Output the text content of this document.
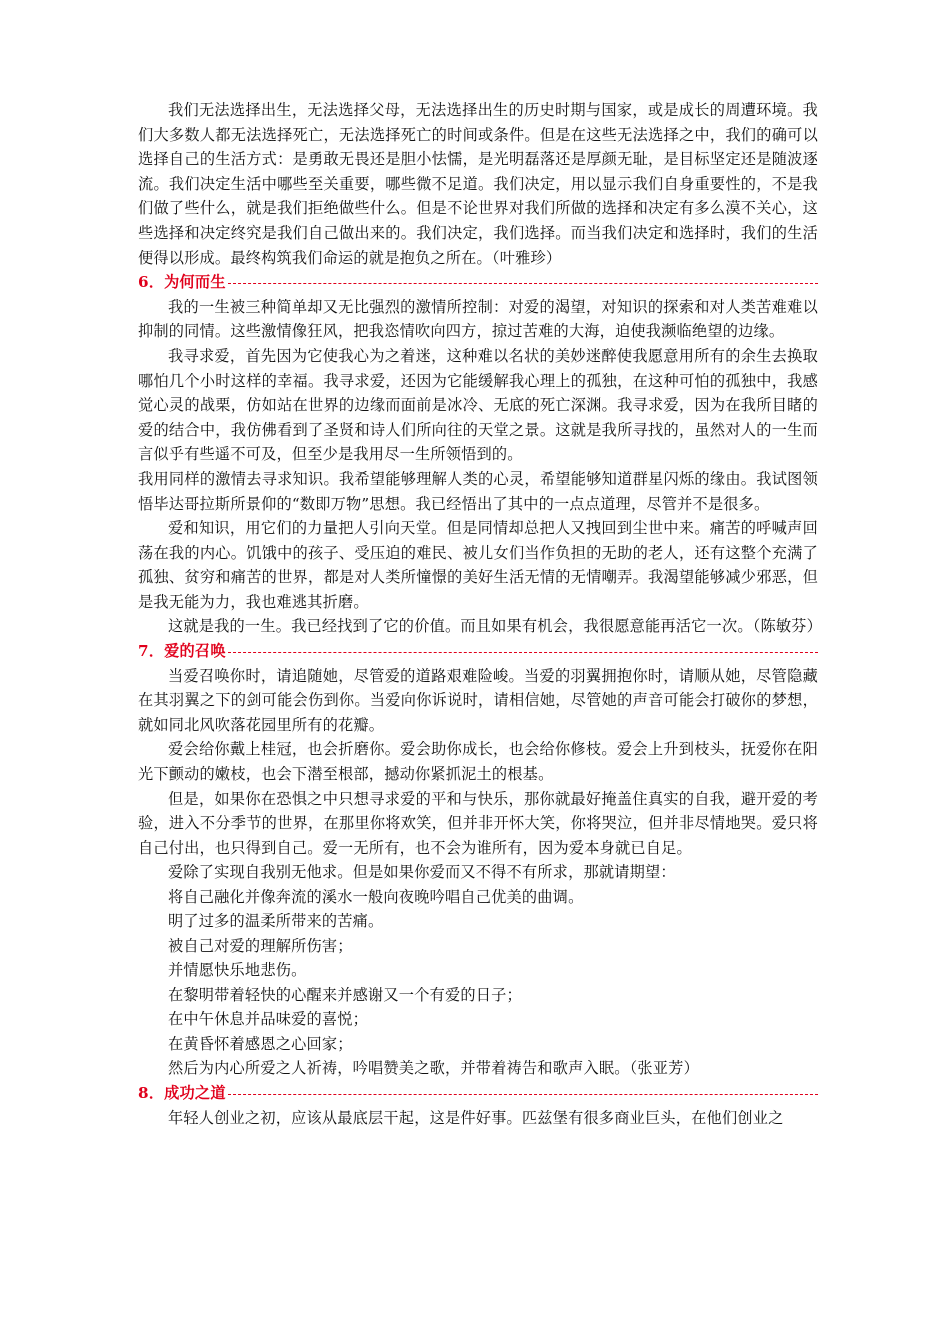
我们无法选择出生，无法选择父母，无法选择出生的历史时期与国家，或是成长的周遭环境。我们大多数人都无法选择死亡，无法选择死亡的时间或条件。但是在这些无法选择之中，我们的确可以选择自己的生活方式：是勇敢无畏还是胆小怯懦，是光明磊落还是厚颜无耻，是目标坚定还是随波逐流。我们决定生活中哪些至关重要，哪些微不足道。我们决定，用以显示我们自身重要性的，不是我们做了些什么，就是我们拒绝做些什么。但是不论世界对我们所做的选择和决定有多么漠不关心，这些选择和决定终究是我们自己做出来的。我们决定，我们选择。而当我们决定和选择时，我们的生活便得以形成。最终构筑我们命运的就是抱负之所在。（叶雅珍）

6．为何而生

我的一生被三种简单却又无比强烈的激情所控制：对爱的渴望，对知识的探索和对人类苦难难以抑制的同情。这些激情像狂风，把我恣情吹向四方，掠过苦难的大海，迫使我濒临绝望的边缘。

我寻求爱，首先因为它使我心为之着迷，这种难以名状的美妙迷醉使我愿意用所有的余生去换取哪怕几个小时这样的幸福。我寻求爱，还因为它能缓解我心理上的孤独，在这种可怕的孤独中，我感觉心灵的战栗，仿如站在世界的边缘而面前是冰冷、无底的死亡深渊。我寻求爱，因为在我所目睹的爱的结合中，我仿佛看到了圣贤和诗人们所向往的天堂之景。这就是我所寻找的，虽然对人的一生而言似乎有些遥不可及，但至少是我用尽一生所领悟到的。

我用同样的激情去寻求知识。我希望能够理解人类的心灵，希望能够知道群星闪烁的缘由。我试图领悟毕达哥拉斯所景仰的“数即万物”思想。我已经悟出了其中的一点点道理，尽管并不是很多。

爱和知识，用它们的力量把人引向天堂。但是同情却总把人又拽回到尘世中来。痛苦的呼喊声回荡在我的内心。饥饿中的孩子、受压迫的难民、被儿女们当作负担的无助的老人，还有这整个充满了孤独、贫穷和痛苦的世界，都是对人类所憧憬的美好生活无情的无情嘲弄。我渴望能够减少邪恶，但是我无能为力，我也难逃其折磨。

这就是我的一生。我已经找到了它的价值。而且如果有机会，我很愿意能再活它一次。（陈敏芬）

7．爱的召唤

当爱召唤你时，请追随她，尽管爱的道路艰难险峻。当爱的羽翼拥抱你时，请顺从她，尽管隐藏在其羽翼之下的剑可能会伤到你。当爱向你诉说时，请相信她，尽管她的声音可能会打破你的梦想，就如同北风吹落花园里所有的花瓣。

爱会给你戴上桂冠，也会折磨你。爱会助你成长，也会给你修枝。爱会上升到枝头，抚爱你在阳光下颤动的嫩枝，也会下潜至根部，撼动你紧抓泥土的根基。

但是，如果你在恐惧之中只想寻求爱的平和与快乐，那你就最好掩盖住真实的自我，避开爱的考验，进入不分季节的世界，在那里你将欢笑，但并非开怀大笑，你将哭泣，但并非尽情地哭。爱只将自己付出，也只得到自己。爱一无所有，也不会为谁所有，因为爱本身就已自足。

爱除了实现自我别无他求。但是如果你爱而又不得不有所求，那就请期望：

将自己融化并像奔流的溪水一般向夜晚吟唱自己优美的曲调。

明了过多的温柔所带来的苦痛。

被自己对爱的理解所伤害；

并情愿快乐地悲伤。

在黎明带着轻快的心醒来并感谢又一个有爱的日子；

在中午休息并品味爱的喜悦；

在黄昏怀着感恩之心回家；

然后为内心所爱之人祈祷，吟唱赞美之歌，并带着祷告和歌声入眠。（张亚芳）

8．成功之道

年轻人创业之初，应该从最底层干起，这是件好事。匹兹堡有很多商业巨头，在他们创业之
